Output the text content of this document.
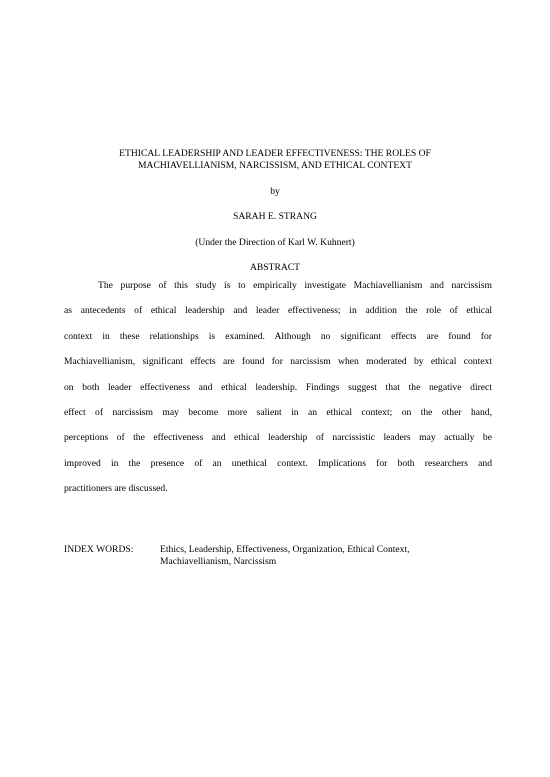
ETHICAL LEADERSHIP AND LEADER EFFECTIVENESS: THE ROLES OF
MACHIAVELLIANISM, NARCISSISM, AND ETHICAL CONTEXT
by
SARAH E. STRANG
(Under the Direction of Karl W. Kuhnert)
ABSTRACT
The purpose of this study is to empirically investigate Machiavellianism and narcissism
as antecedents of ethical leadership and leader effectiveness; in addition the role of ethical
context in these relationships is examined. Although no significant effects are found for
Machiavellianism, significant effects are found for narcissism when moderated by ethical context
on both leader effectiveness and ethical leadership. Findings suggest that the negative direct
effect of narcissism may become more salient in an ethical context; on the other hand,
perceptions of the effectiveness and ethical leadership of narcissistic leaders may actually be
improved in the presence of an unethical context. Implications for both researchers and
practitioners are discussed.
INDEX WORDS:	Ethics, Leadership, Effectiveness, Organization, Ethical Context,
Machiavellianism, Narcissism
